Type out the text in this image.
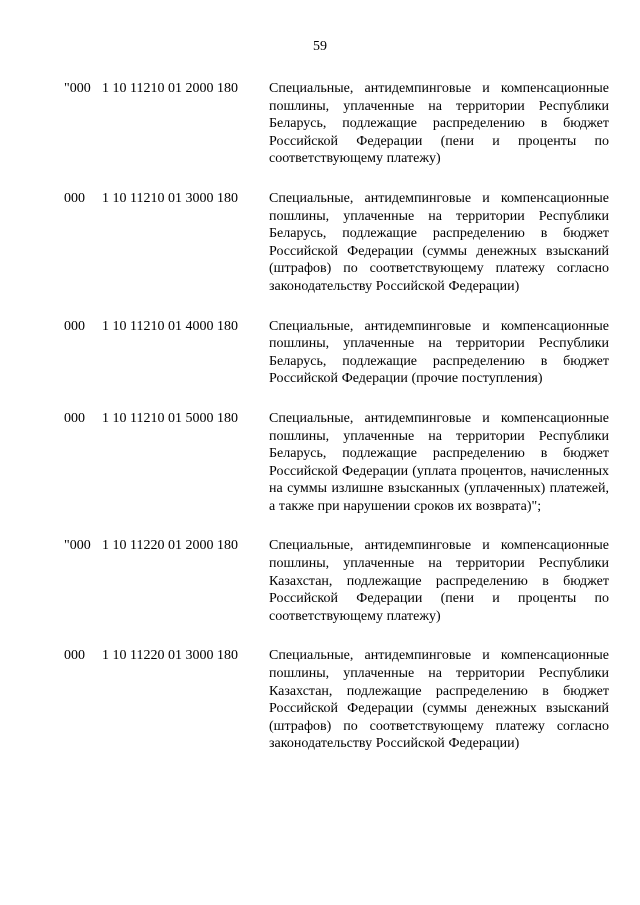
59
"000 1 10 11210 01 2000 180	Специальные, антидемпинговые и компенсационные пошлины, уплаченные на территории Республики Беларусь, подлежащие распределению в бюджет Российской Федерации (пени и проценты по соответствующему платежу)
000 1 10 11210 01 3000 180	Специальные, антидемпинговые и компенсационные пошлины, уплаченные на территории Республики Беларусь, подлежащие распределению в бюджет Российской Федерации (суммы денежных взысканий (штрафов) по соответствующему платежу согласно законодательству Российской Федерации)
000 1 10 11210 01 4000 180	Специальные, антидемпинговые и компенсационные пошлины, уплаченные на территории Республики Беларусь, подлежащие распределению в бюджет Российской Федерации (прочие поступления)
000 1 10 11210 01 5000 180	Специальные, антидемпинговые и компенсационные пошлины, уплаченные на территории Республики Беларусь, подлежащие распределению в бюджет Российской Федерации (уплата процентов, начисленных на суммы излишне взысканных (уплаченных) платежей, а также при нарушении сроков их возврата)";
"000 1 10 11220 01 2000 180	Специальные, антидемпинговые и компенсационные пошлины, уплаченные на территории Республики Казахстан, подлежащие распределению в бюджет Российской Федерации (пени и проценты по соответствующему платежу)
000 1 10 11220 01 3000 180	Специальные, антидемпинговые и компенсационные пошлины, уплаченные на территории Республики Казахстан, подлежащие распределению в бюджет Российской Федерации (суммы денежных взысканий (штрафов) по соответствующему платежу согласно законодательству Российской Федерации)
